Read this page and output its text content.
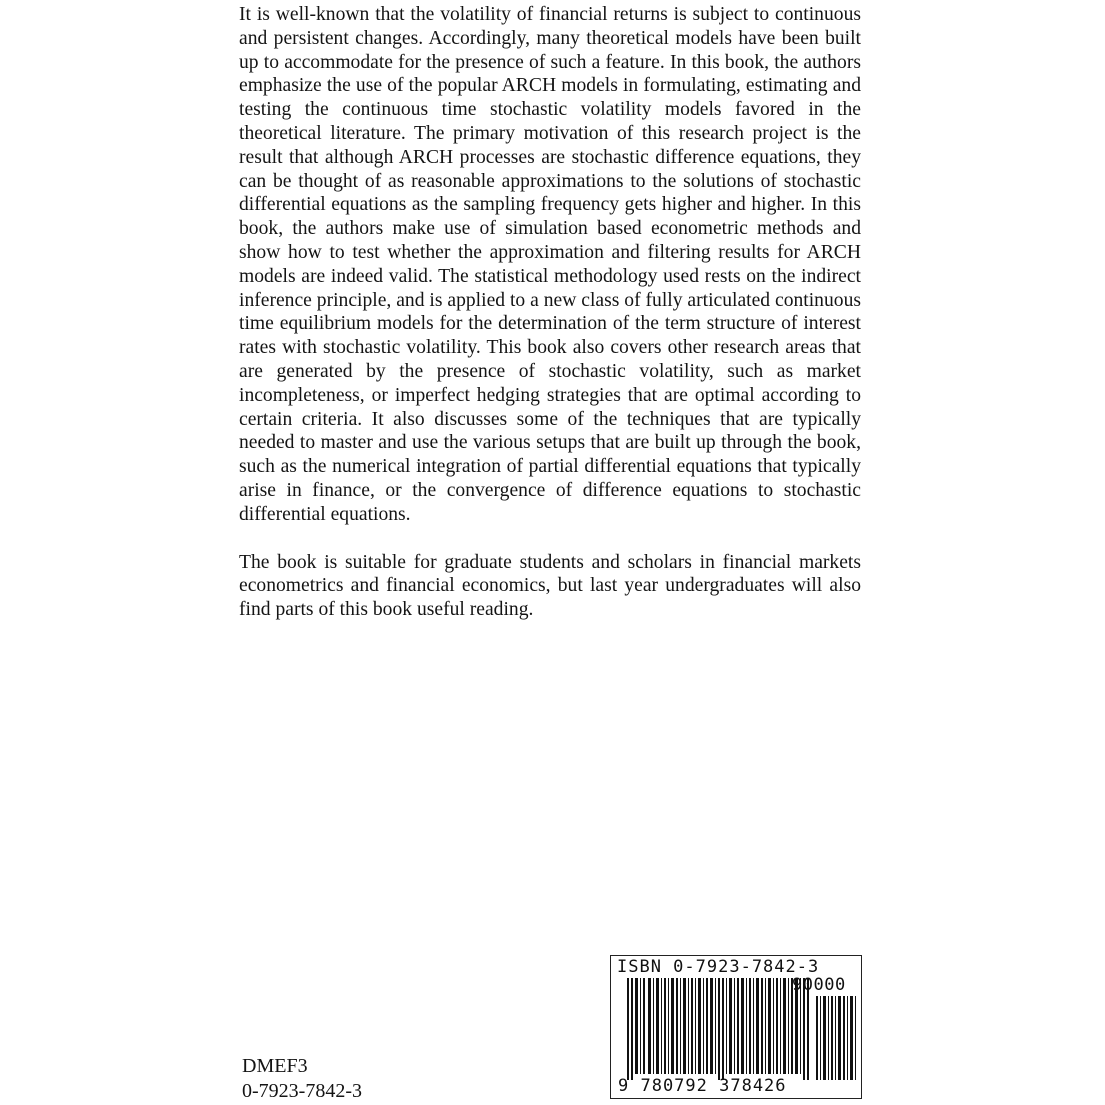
It is well-known that the volatility of financial returns is subject to continuous and persistent changes. Accordingly, many theoretical models have been built up to accommodate for the presence of such a feature. In this book, the authors emphasize the use of the popular ARCH models in formulating, estimating and testing the continuous time stochastic volatility models favored in the theoretical literature. The primary motivation of this research project is the result that although ARCH processes are stochastic difference equations, they can be thought of as reasonable approximations to the solutions of stochastic differential equations as the sampling frequency gets higher and higher. In this book, the authors make use of simulation based econometric methods and show how to test whether the approximation and filtering results for ARCH models are indeed valid. The statistical methodology used rests on the indirect inference principle, and is applied to a new class of fully articulated continuous time equilibrium models for the determination of the term structure of interest rates with stochastic volatility. This book also covers other research areas that are generated by the presence of stochastic volatility, such as market incompleteness, or imperfect hedging strategies that are optimal according to certain criteria. It also discusses some of the techniques that are typically needed to master and use the various setups that are built up through the book, such as the numerical integration of partial differential equations that typically arise in finance, or the convergence of difference equations to stochastic differential equations.

The book is suitable for graduate students and scholars in financial markets econometrics and financial economics, but last year undergraduates will also find parts of this book useful reading.

DMEF3
0-7923-7842-3
ISBN 0-7923-7842-3
90000
9 780792 378426
